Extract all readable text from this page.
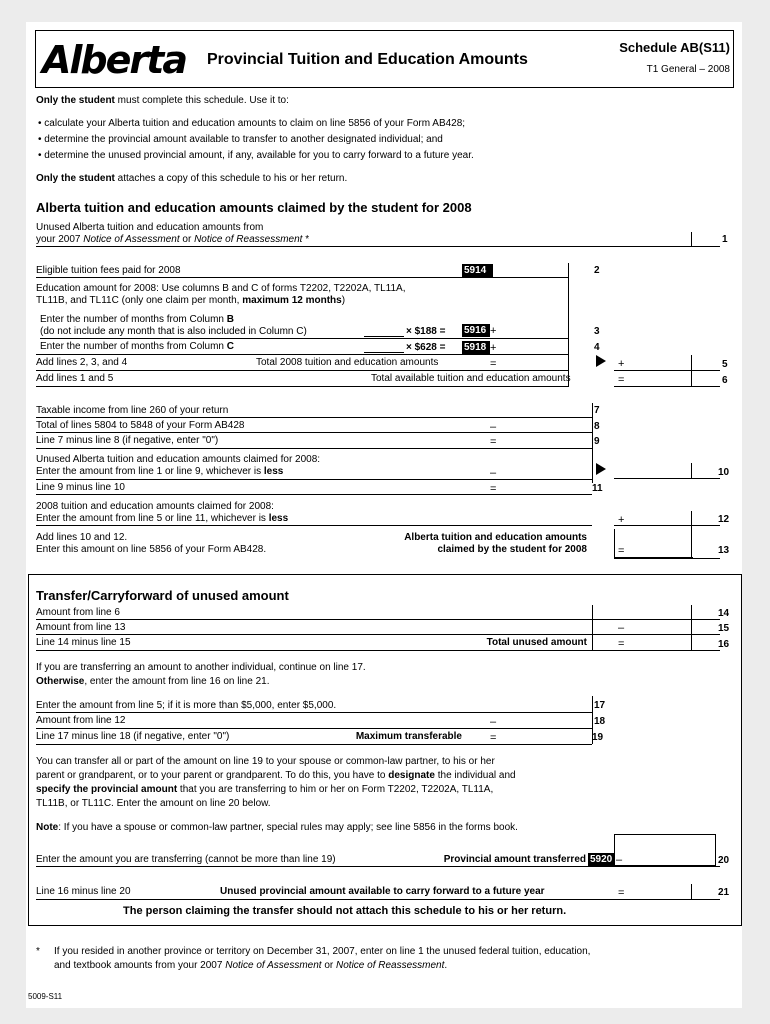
Alberta Provincial Tuition and Education Amounts
Schedule AB(S11)
T1 General – 2008
Only the student must complete this schedule. Use it to:
• calculate your Alberta tuition and education amounts to claim on line 5856 of your Form AB428;
• determine the provincial amount available to transfer to another designated individual; and
• determine the unused provincial amount, if any, available for you to carry forward to a future year.
Only the student attaches a copy of this schedule to his or her return.
Alberta tuition and education amounts claimed by the student for 2008
Unused Alberta tuition and education amounts from
your 2007 Notice of Assessment or Notice of Reassessment *	1
Eligible tuition fees paid for 2008	5914	2
Education amount for 2008: Use columns B and C of forms T2202, T2202A, TL11A,
TL11B, and TL11C (only one claim per month, maximum 12 months)
Enter the number of months from Column B
(do not include any month that is also included in Column C)	× $188 = 5916 +	3
Enter the number of months from Column C	× $628 = 5918 +	4
Add lines 2, 3, and 4	Total 2008 tuition and education amounts	=	+	5
Add lines 1 and 5	Total available tuition and education amounts	=	6
Taxable income from line 260 of your return	7
Total of lines 5804 to 5848 of your Form AB428	–	8
Line 7 minus line 8 (if negative, enter "0")	=	9
Unused Alberta tuition and education amounts claimed for 2008:
Enter the amount from line 1 or line 9, whichever is less	–	10
Line 9 minus line 10	=	11
2008 tuition and education amounts claimed for 2008:
Enter the amount from line 5 or line 11, whichever is less	+	12
Add lines 10 and 12.
Enter this amount on line 5856 of your Form AB428.
Alberta tuition and education amounts
claimed by the student for 2008	=	13
Transfer/Carryforward of unused amount
Amount from line 6	14
Amount from line 13	–	15
Line 14 minus line 15	Total unused amount	=	16
If you are transferring an amount to another individual, continue on line 17.
Otherwise, enter the amount from line 16 on line 21.
Enter the amount from line 5; if it is more than $5,000, enter $5,000.	17
Amount from line 12	–	18
Line 17 minus line 18 (if negative, enter "0")	Maximum transferable	=	19
You can transfer all or part of the amount on line 19 to your spouse or common-law partner, to his or her
parent or grandparent, or to your parent or grandparent. To do this, you have to designate the individual and
specify the provincial amount that you are transferring to him or her on Form T2202, T2202A, TL11A,
TL11B, or TL11C. Enter the amount on line 20 below.
Note: If you have a spouse or common-law partner, special rules may apply; see line 5856 in the forms book.
Enter the amount you are transferring (cannot be more than line 19)	Provincial amount transferred 5920 –	20
Line 16 minus line 20	Unused provincial amount available to carry forward to a future year	=	21
The person claiming the transfer should not attach this schedule to his or her return.
* If you resided in another province or territory on December 31, 2007, enter on line 1 the unused federal tuition, education,
and textbook amounts from your 2007 Notice of Assessment or Notice of Reassessment.
5009-S11
